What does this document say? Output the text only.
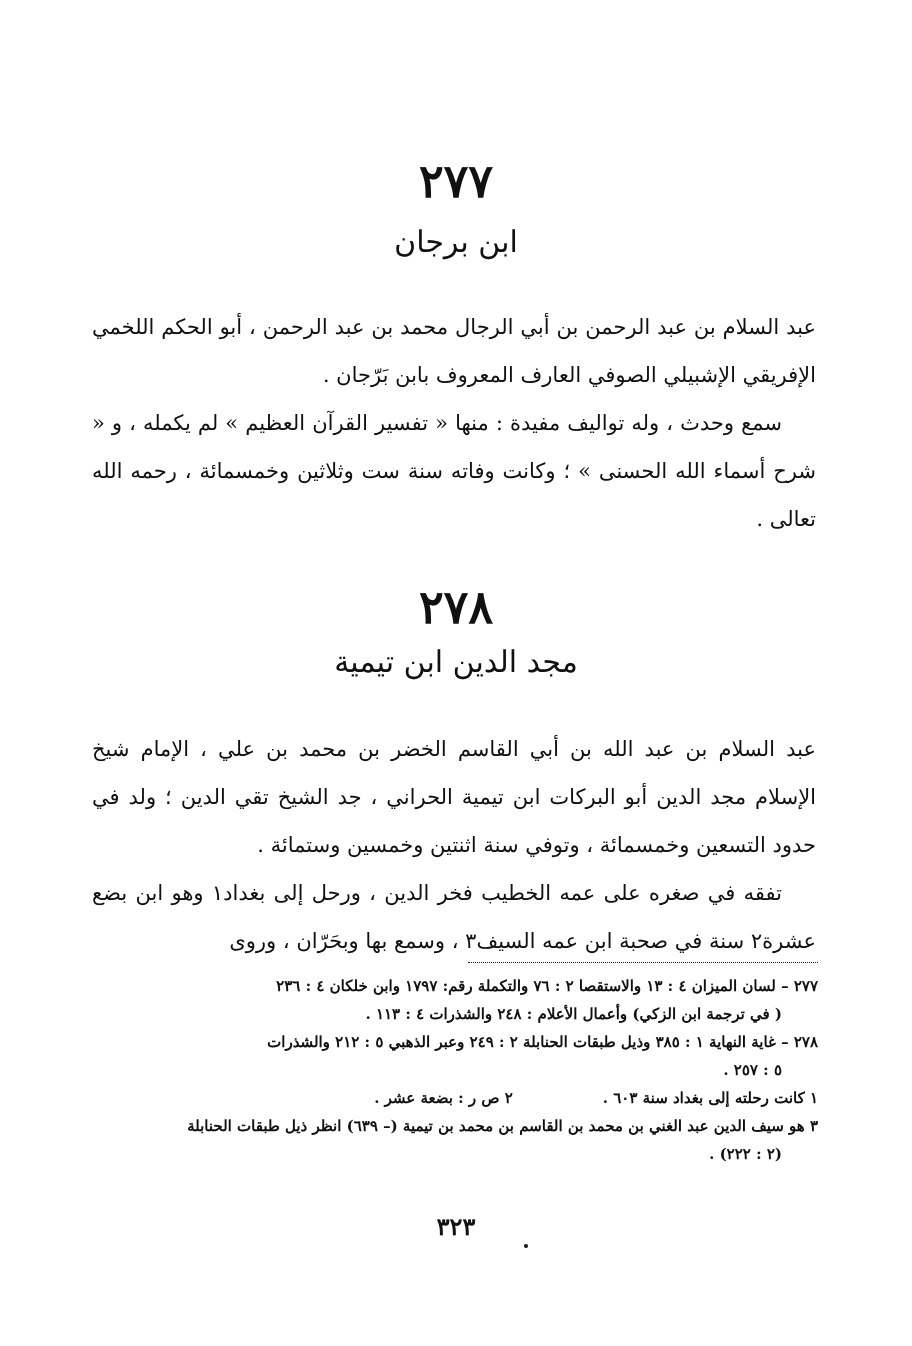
٢٧٧
ابن برجان

عبد السلام بن عبد الرحمن بن أبي الرجال محمد بن عبد الرحمن ، أبو الحكم اللخمي الإفريقي الإشبيلي الصوفي العارف المعروف بابن بَرّجان .

سمع وحدث ، وله تواليف مفيدة : منها « تفسير القرآن العظيم » لم يكمله ، و « شرح أسماء الله الحسنى » ؛ وكانت وفاته سنة ست وثلاثين وخمسمائة ، رحمه الله تعالى .

٢٧٨
مجد الدين ابن تيمية

عبد السلام بن عبد الله بن أبي القاسم الخضر بن محمد بن علي ، الإمام شيخ الإسلام مجد الدين أبو البركات ابن تيمية الحراني ، جد الشيخ تقي الدين ؛ ولد في حدود التسعين وخمسمائة ، وتوفي سنة اثنتين وخمسين وستمائة .

تفقه في صغره على عمه الخطيب فخر الدين ، ورحل إلى بغداد١ وهو ابن بضع عشرة٢ سنة في صحبة ابن عمه السيف٣ ، وسمع بها وبحَرّان ، وروى

٢٧٧ – لسان الميزان ٤ : ١٣ والاستقصا ٢ : ٧٦ والتكملة رقم: ١٧٩٧ وابن خلكان ٤ : ٢٣٦
( في ترجمة ابن الزكي) وأعمال الأعلام : ٢٤٨ والشذرات ٤ : ١١٣ .
٢٧٨ – غاية النهاية ١ : ٣٨٥ وذيل طبقات الحنابلة ٢ : ٢٤٩ وعبر الذهبي ٥ : ٢١٢ والشذرات
٥ : ٢٥٧ .
١ كانت رحلته إلى بغداد سنة ٦٠٣ .
٢ ص ر : بضعة عشر .
٣ هو سيف الدين عبد الغني بن محمد بن القاسم بن محمد بن تيمية (– ٦٣٩) انظر ذيل طبقات الحنابلة
(٢ : ٢٢٢) .
٣٢٣
